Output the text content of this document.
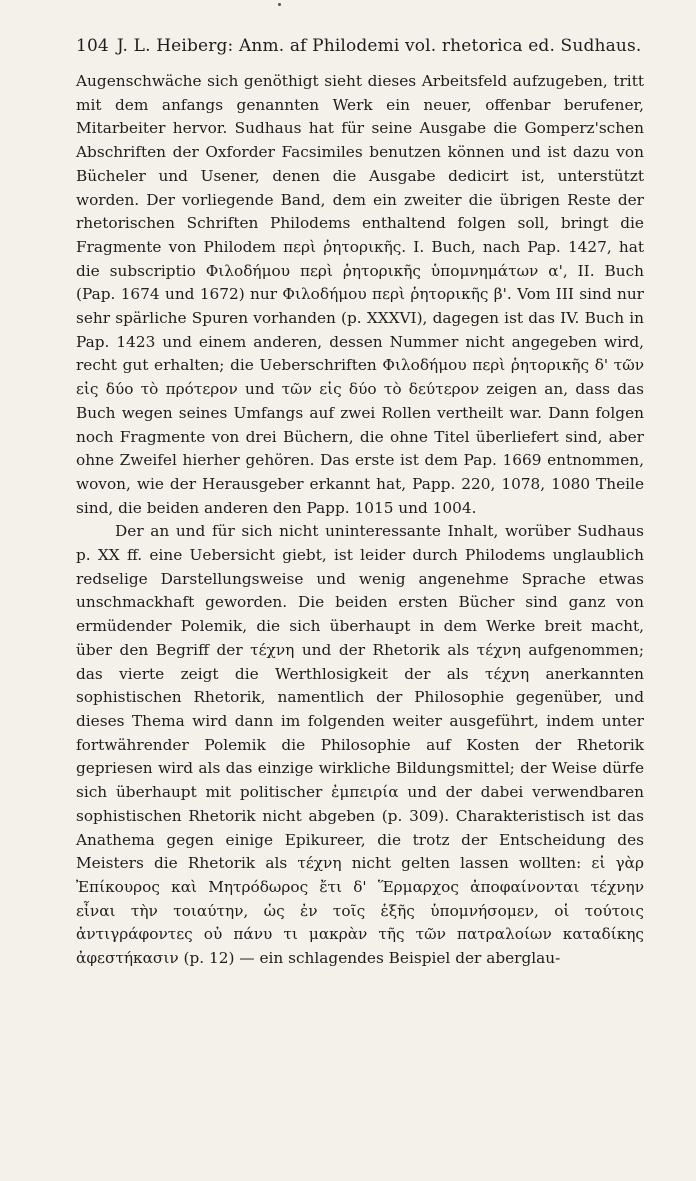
104 J. L. Heiberg: Anm. af Philodemi vol. rhetorica ed. Sudhaus.

Augenschwäche sich genöthigt sieht dieses Arbeitsfeld aufzugeben, tritt mit dem anfangs genannten Werk ein neuer, offenbar berufener, Mitarbeiter hervor. Sudhaus hat für seine Ausgabe die Gomperz'schen Abschriften der Oxforder Facsimiles benutzen können und ist dazu von Bücheler und Usener, denen die Ausgabe dedicirt ist, unterstützt worden. Der vorliegende Band, dem ein zweiter die übrigen Reste der rhetorischen Schriften Philodems enthaltend folgen soll, bringt die Fragmente von Philodem περὶ ῥητορικῆς. I. Buch, nach Pap. 1427, hat die subscriptio Φιλοδήμου περὶ ῥητορικῆς ὑπομνημάτων α', II. Buch (Pap. 1674 und 1672) nur Φιλοδήμου περὶ ῥητορικῆς β'. Vom III sind nur sehr spärliche Spuren vorhanden (p. XXXVI), dagegen ist das IV. Buch in Pap. 1423 und einem anderen, dessen Nummer nicht angegeben wird, recht gut erhalten; die Ueberschriften Φιλοδήμου περὶ ῥητορικῆς δ' τῶν εἰς δύο τὸ πρότερον und τῶν εἰς δύο τὸ δεύτερον zeigen an, dass das Buch wegen seines Umfangs auf zwei Rollen vertheilt war. Dann folgen noch Fragmente von drei Büchern, die ohne Titel überliefert sind, aber ohne Zweifel hierher gehören. Das erste ist dem Pap. 1669 entnommen, wovon, wie der Herausgeber erkannt hat, Papp. 220, 1078, 1080 Theile sind, die beiden anderen den Papp. 1015 und 1004.

Der an und für sich nicht uninteressante Inhalt, worüber Sudhaus p. XX ff. eine Uebersicht giebt, ist leider durch Philodems unglaublich redselige Darstellungsweise und wenig angenehme Sprache etwas unschmackhaft geworden. Die beiden ersten Bücher sind ganz von ermüdender Polemik, die sich überhaupt in dem Werke breit macht, über den Begriff der τέχνη und der Rhetorik als τέχνη aufgenommen; das vierte zeigt die Werthlosigkeit der als τέχνη anerkannten sophistischen Rhetorik, namentlich der Philosophie gegenüber, und dieses Thema wird dann im folgenden weiter ausgeführt, indem unter fortwährender Polemik die Philosophie auf Kosten der Rhetorik gepriesen wird als das einzige wirkliche Bildungsmittel; der Weise dürfe sich überhaupt mit politischer ἐμπειρία und der dabei verwendbaren sophistischen Rhetorik nicht abgeben (p. 309). Charakteristisch ist das Anathema gegen einige Epikureer, die trotz der Entscheidung des Meisters die Rhetorik als τέχνη nicht gelten lassen wollten: εἰ γὰρ Ἐπίκουρος καὶ Μητρόδωρος ἔτι δ' Ἕρμαρχος ἀποφαίνονται τέχνην εἶναι τὴν τοιαύτην, ὡς ἐν τοῖς ἑξῆς ὑπομνήσομεν, οἱ τούτοις ἀντιγράφοντες οὐ πάνυ τι μακρὰν τῆς τῶν πατραλοίων καταδίκης ἀφεστήκασιν (p. 12) — ein schlagendes Beispiel der aberglau-
